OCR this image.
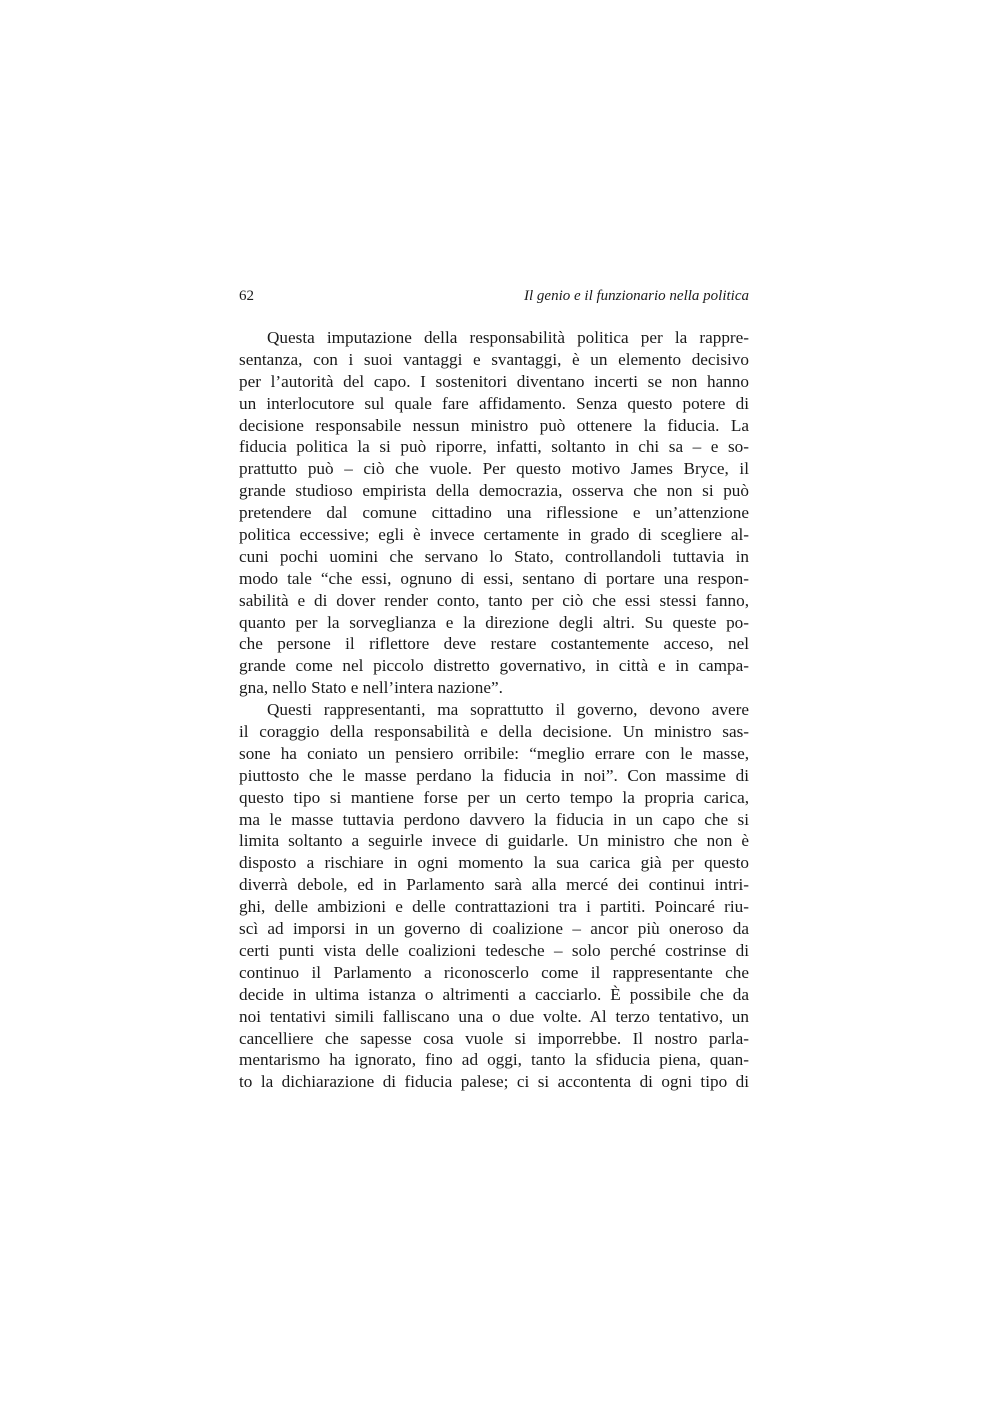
62	Il genio e il funzionario nella politica
Questa imputazione della responsabilità politica per la rappre-
sentanza, con i suoi vantaggi e svantaggi, è un elemento decisivo
per l’autorità del capo. I sostenitori diventano incerti se non hanno
un interlocutore sul quale fare affidamento. Senza questo potere di
decisione responsabile nessun ministro può ottenere la fiducia. La
fiducia politica la si può riporre, infatti, soltanto in chi sa – e so-
prattutto può – ciò che vuole. Per questo motivo James Bryce, il
grande studioso empirista della democrazia, osserva che non si può
pretendere dal comune cittadino una riflessione e un’attenzione
politica eccessive; egli è invece certamente in grado di scegliere al-
cuni pochi uomini che servano lo Stato, controllandoli tuttavia in
modo tale “che essi, ognuno di essi, sentano di portare una respon-
sabilità e di dover render conto, tanto per ciò che essi stessi fanno,
quanto per la sorveglianza e la direzione degli altri. Su queste po-
che persone il riflettore deve restare costantemente acceso, nel
grande come nel piccolo distretto governativo, in città e in campa-
gna, nello Stato e nell’intera nazione”.
Questi rappresentanti, ma soprattutto il governo, devono avere
il coraggio della responsabilità e della decisione. Un ministro sas-
sone ha coniato un pensiero orribile: “meglio errare con le masse,
piuttosto che le masse perdano la fiducia in noi”. Con massime di
questo tipo si mantiene forse per un certo tempo la propria carica,
ma le masse tuttavia perdono davvero la fiducia in un capo che si
limita soltanto a seguirle invece di guidarle. Un ministro che non è
disposto a rischiare in ogni momento la sua carica già per questo
diverrà debole, ed in Parlamento sarà alla mercé dei continui intri-
ghi, delle ambizioni e delle contrattazioni tra i partiti. Poincaré riu-
scì ad imporsi in un governo di coalizione – ancor più oneroso da
certi punti vista delle coalizioni tedesche – solo perché costrinse di
continuo il Parlamento a riconoscerlo come il rappresentante che
decide in ultima istanza o altrimenti a cacciarlo. È possibile che da
noi tentativi simili falliscano una o due volte. Al terzo tentativo, un
cancelliere che sapesse cosa vuole si imporrebbe. Il nostro parla-
mentarismo ha ignorato, fino ad oggi, tanto la sfiducia piena, quan-
to la dichiarazione di fiducia palese; ci si accontenta di ogni tipo di
